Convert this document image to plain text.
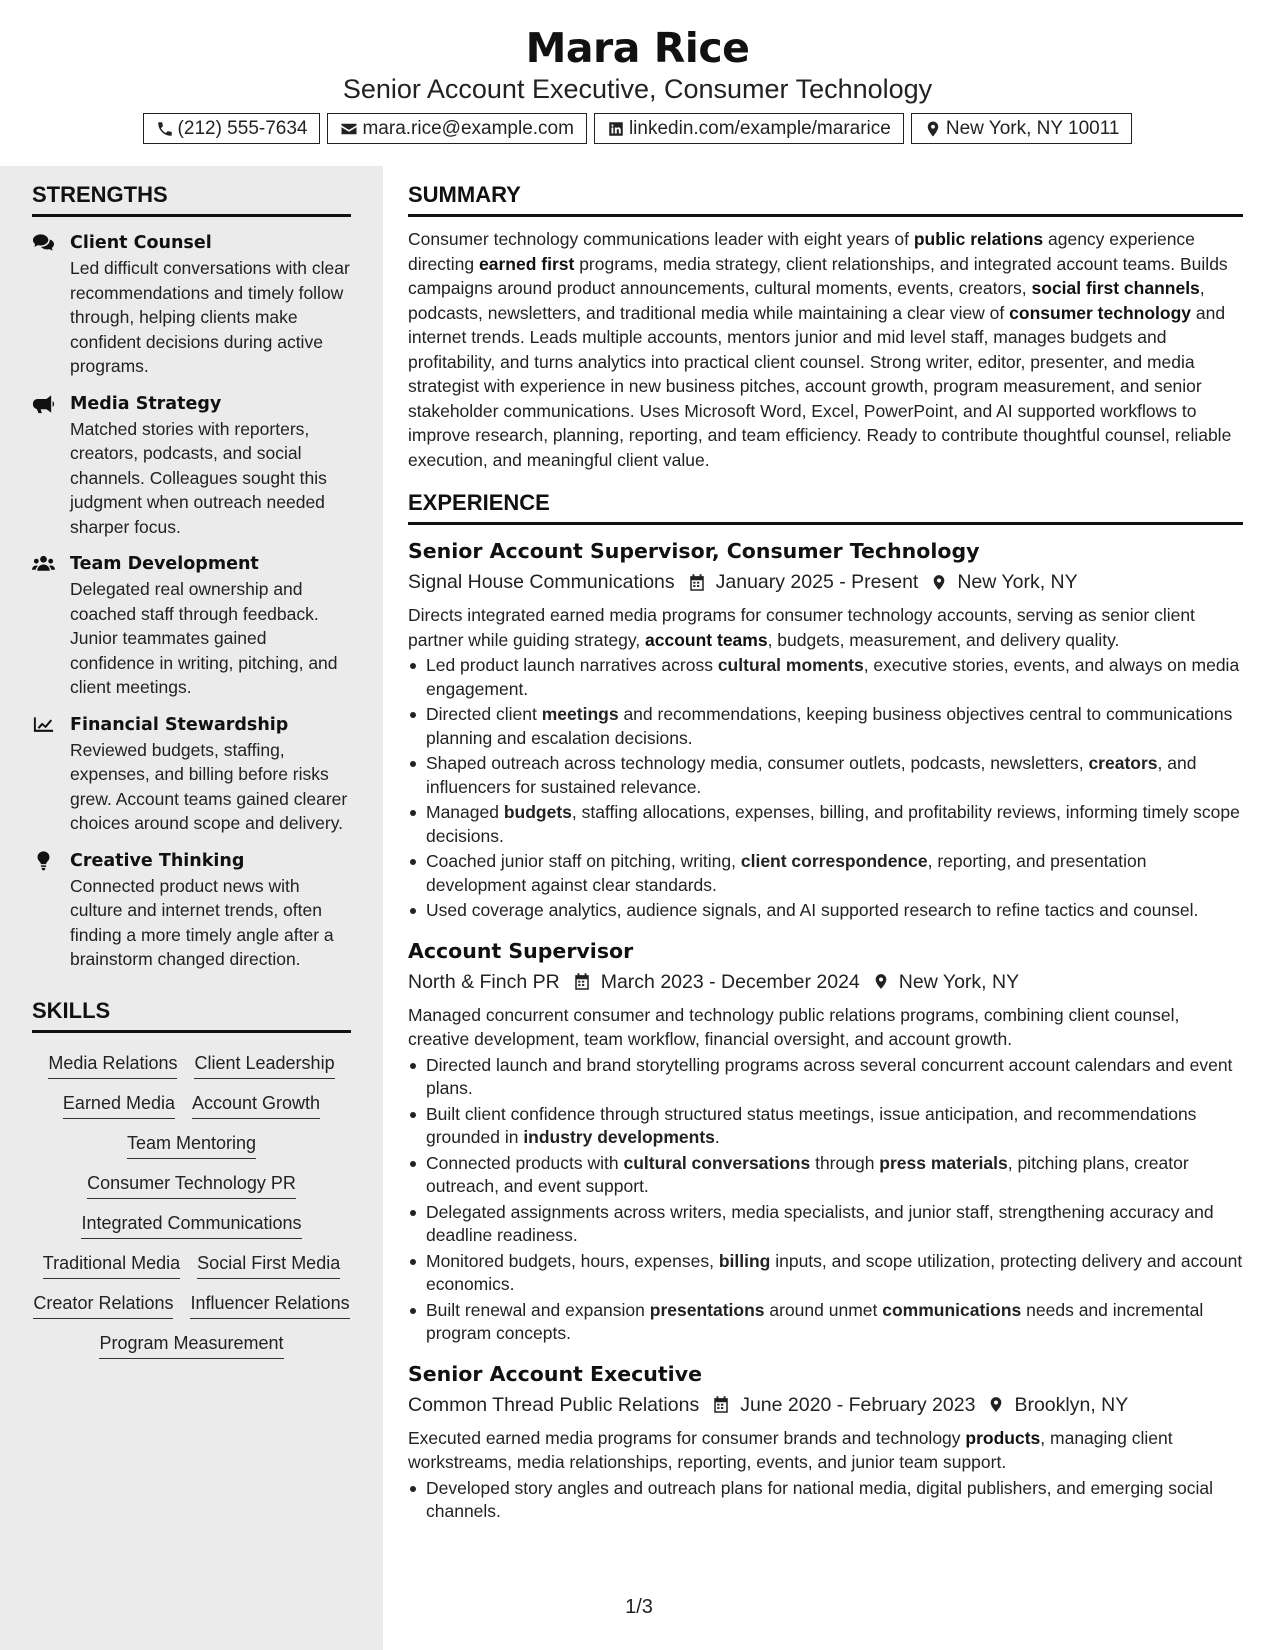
Mara Rice
Senior Account Executive, Consumer Technology
(212) 555-7634	mara.rice@example.com	linkedin.com/example/mararice	New York, NY 10011
STRENGTHS
Client Counsel
Led difficult conversations with clear recommendations and timely follow through, helping clients make confident decisions during active programs.
Media Strategy
Matched stories with reporters, creators, podcasts, and social channels. Colleagues sought this judgment when outreach needed sharper focus.
Team Development
Delegated real ownership and coached staff through feedback. Junior teammates gained confidence in writing, pitching, and client meetings.
Financial Stewardship
Reviewed budgets, staffing, expenses, and billing before risks grew. Account teams gained clearer choices around scope and delivery.
Creative Thinking
Connected product news with culture and internet trends, often finding a more timely angle after a brainstorm changed direction.
SKILLS
Media Relations Client Leadership
Earned Media Account Growth
Team Mentoring
Consumer Technology PR
Integrated Communications
Traditional Media Social First Media
Creator Relations Influencer Relations
Program Measurement
SUMMARY

Consumer technology communications leader with eight years of public relations agency experience directing earned first programs, media strategy, client relationships, and integrated account teams. Builds campaigns around product announcements, cultural moments, events, creators, social first channels, podcasts, newsletters, and traditional media while maintaining a clear view of consumer technology and internet trends. Leads multiple accounts, mentors junior and mid level staff, manages budgets and profitability, and turns analytics into practical client counsel. Strong writer, editor, presenter, and media strategist with experience in new business pitches, account growth, program measurement, and senior stakeholder communications. Uses Microsoft Word, Excel, PowerPoint, and AI supported workflows to improve research, planning, reporting, and team efficiency. Ready to contribute thoughtful counsel, reliable execution, and meaningful client value.

EXPERIENCE
Senior Account Supervisor, Consumer Technology
Signal House Communications January 2025 - Present New York, NY

Directs integrated earned media programs for consumer technology accounts, serving as senior client partner while guiding strategy, account teams, budgets, measurement, and delivery quality.

Led product launch narratives across cultural moments, executive stories, events, and always on media engagement.
Directed client meetings and recommendations, keeping business objectives central to communications planning and escalation decisions.
Shaped outreach across technology media, consumer outlets, podcasts, newsletters, creators, and influencers for sustained relevance.
Managed budgets, staffing allocations, expenses, billing, and profitability reviews, informing timely scope decisions.
Coached junior staff on pitching, writing, client correspondence, reporting, and presentation development against clear standards.
Used coverage analytics, audience signals, and AI supported research to refine tactics and counsel.
Account Supervisor
North & Finch PR March 2023 - December 2024 New York, NY

Managed concurrent consumer and technology public relations programs, combining client counsel, creative development, team workflow, financial oversight, and account growth.

Directed launch and brand storytelling programs across several concurrent account calendars and event plans.
Built client confidence through structured status meetings, issue anticipation, and recommendations grounded in industry developments.
Connected products with cultural conversations through press materials, pitching plans, creator outreach, and event support.
Delegated assignments across writers, media specialists, and junior staff, strengthening accuracy and deadline readiness.
Monitored budgets, hours, expenses, billing inputs, and scope utilization, protecting delivery and account economics.
Built renewal and expansion presentations around unmet communications needs and incremental program concepts.
Senior Account Executive
Common Thread Public Relations June 2020 - February 2023 Brooklyn, NY

Executed earned media programs for consumer brands and technology products, managing client workstreams, media relationships, reporting, events, and junior team support.

Developed story angles and outreach plans for national media, digital publishers, and emerging social channels.
1/3
